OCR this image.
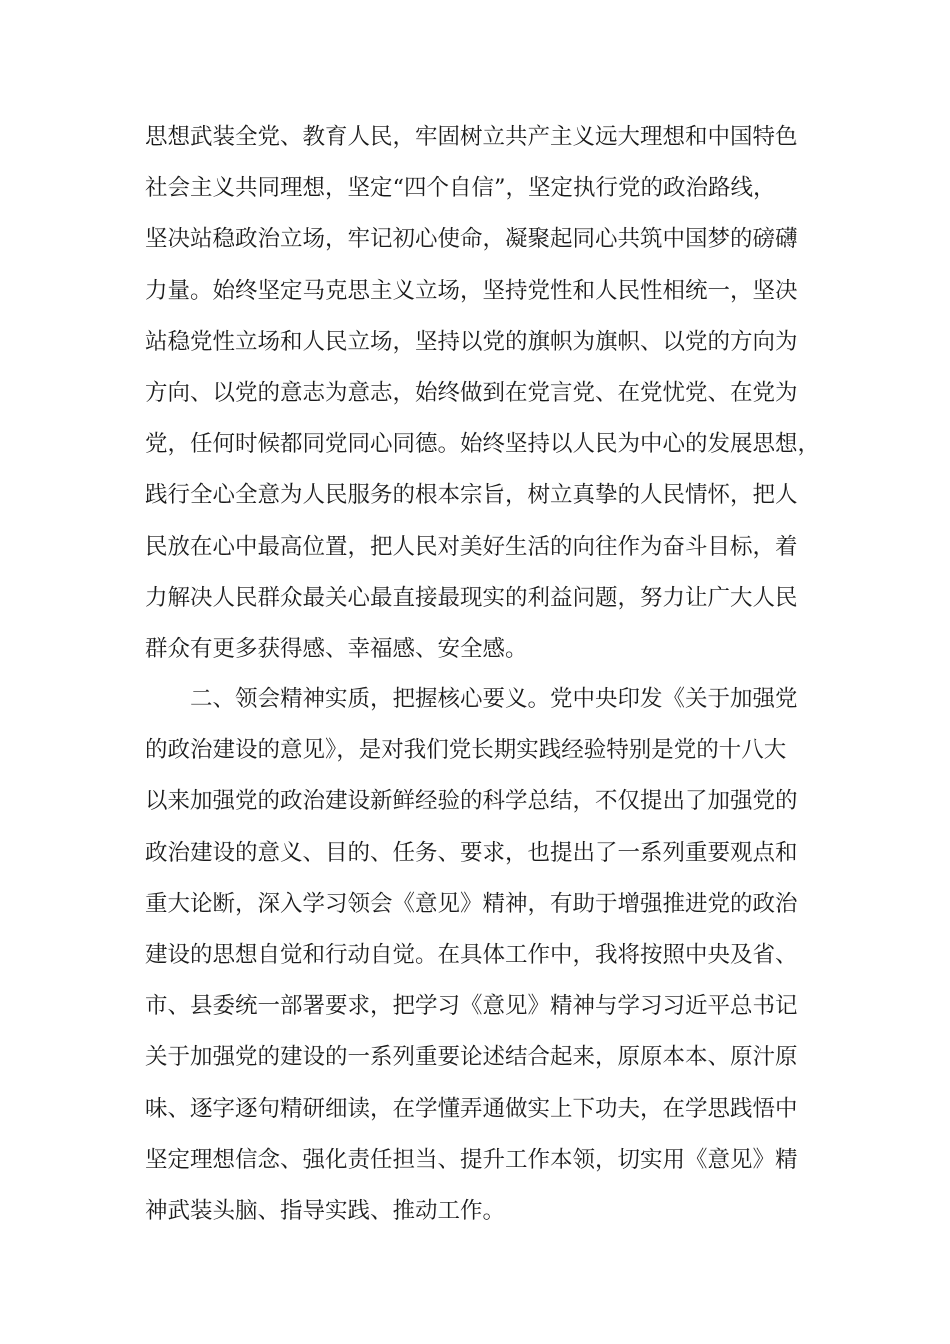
思想武装全党、教育人民，牢固树立共产主义远大理想和中国特色
社会主义共同理想，坚定“四个自信”，坚定执行党的政治路线，
坚决站稳政治立场，牢记初心使命，凝聚起同心共筑中国梦的磅礴
力量。始终坚定马克思主义立场，坚持党性和人民性相统一，坚决
站稳党性立场和人民立场，坚持以党的旗帜为旗帜、以党的方向为
方向、以党的意志为意志，始终做到在党言党、在党忧党、在党为
党，任何时候都同党同心同德。始终坚持以人民为中心的发展思想，
践行全心全意为人民服务的根本宗旨，树立真挚的人民情怀，把人
民放在心中最高位置，把人民对美好生活的向往作为奋斗目标，着
力解决人民群众最关心最直接最现实的利益问题，努力让广大人民
群众有更多获得感、幸福感、安全感。
　　二、领会精神实质，把握核心要义。党中央印发《关于加强党
的政治建设的意见》，是对我们党长期实践经验特别是党的十八大
以来加强党的政治建设新鲜经验的科学总结，不仅提出了加强党的
政治建设的意义、目的、任务、要求，也提出了一系列重要观点和
重大论断，深入学习领会《意见》精神，有助于增强推进党的政治
建设的思想自觉和行动自觉。在具体工作中，我将按照中央及省、
市、县委统一部署要求，把学习《意见》精神与学习习近平总书记
关于加强党的建设的一系列重要论述结合起来，原原本本、原汁原
味、逐字逐句精研细读，在学懂弄通做实上下功夫，在学思践悟中
坚定理想信念、强化责任担当、提升工作本领，切实用《意见》精
神武装头脑、指导实践、推动工作。
